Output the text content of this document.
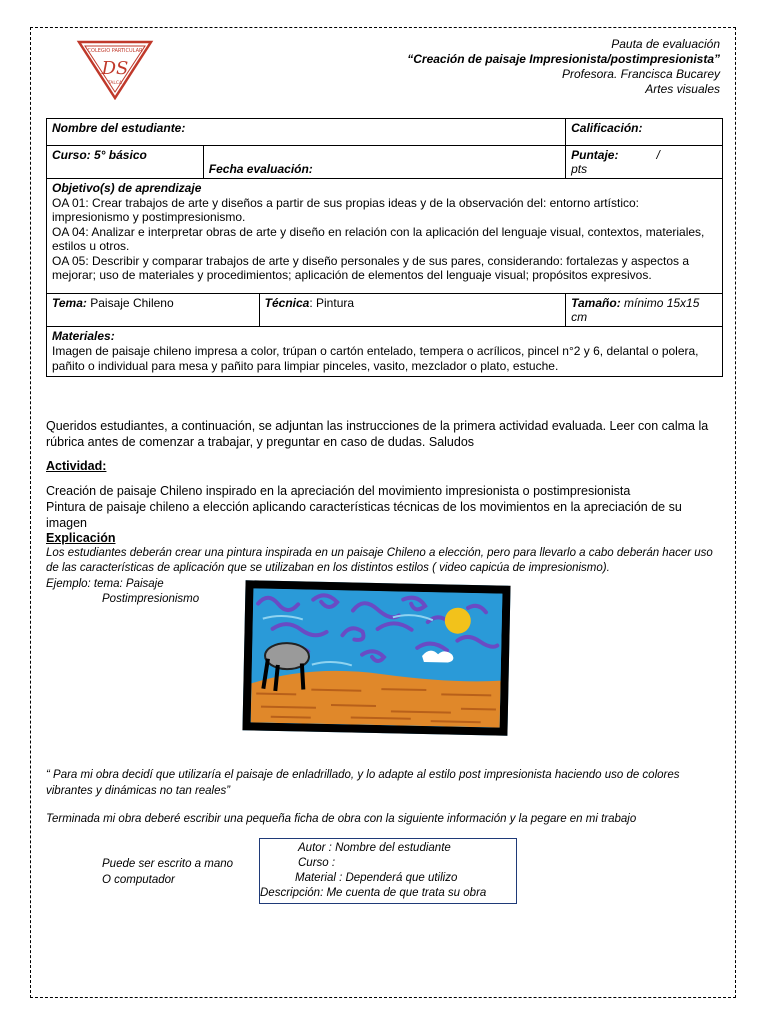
COLEGIO PARTICULAR
DS
TALCA
Pauta de evaluación
“Creación de paisaje Impresionista/postimpresionista”
Profesora. Francisca Bucarey
Artes visuales
Nombre del estudiante:			Calificación:
Curso: 5° básico	Fecha evaluación:		Puntaje: /pts

Objetivo(s) de aprendizaje
OA 01: Crear trabajos de arte y diseños a partir de sus propias ideas y de la observación del: entorno artístico: impresionismo y postimpresionismo.
OA 04: Analizar e interpretar obras de arte y diseño en relación con la aplicación del lenguaje visual, contextos, materiales, estilos u otros.
OA 05: Describir y comparar trabajos de arte y diseño personales y de sus pares, considerando: fortalezas y aspectos a mejorar; uso de materiales y procedimientos; aplicación de elementos del lenguaje visual; propósitos expresivos.			

Tema: Paisaje Chileno		Técnica: Pintura	Tamaño: mínimo 15x15 cm

Materiales:
Imagen de paisaje chileno impresa a color, trúpan o cartón entelado, tempera o acrílicos, pincel n°2 y 6, delantal o polera, pañito o individual para mesa y pañito para limpiar pinceles, vasito, mezclador o plato, estuche.			
Queridos estudiantes, a continuación, se adjuntan las instrucciones de la primera actividad evaluada. Leer con calma la rúbrica antes de comenzar a trabajar, y preguntar en caso de dudas. Saludos
Actividad:
Creación de paisaje Chileno inspirado en la apreciación del movimiento impresionista o postimpresionista
Pintura de paisaje chileno a elección aplicando características técnicas de los movimientos en la apreciación de su imagen
Explicación
Los estudiantes deberán crear una pintura inspirada en un paisaje Chileno a elección, pero para llevarlo a cabo deberán hacer uso de las características de aplicación que se utilizaban en los distintos estilos ( video capicúa de impresionismo).
Ejemplo: tema: Paisaje
Postimpresionismo
“ Para mi obra decidí que utilizaría el paisaje de enladrillado, y lo adapte al estilo post impresionista haciendo uso de colores vibrantes y dinámicas no tan reales”
Terminada mi obra deberé escribir una pequeña ficha de obra con la siguiente información y la pegare en mi trabajo
Puede ser escrito a mano
O computador
Autor : Nombre del estudiante
Curso :
Material : Dependerá que utilizo
Descripción: Me cuenta de que trata su obra
